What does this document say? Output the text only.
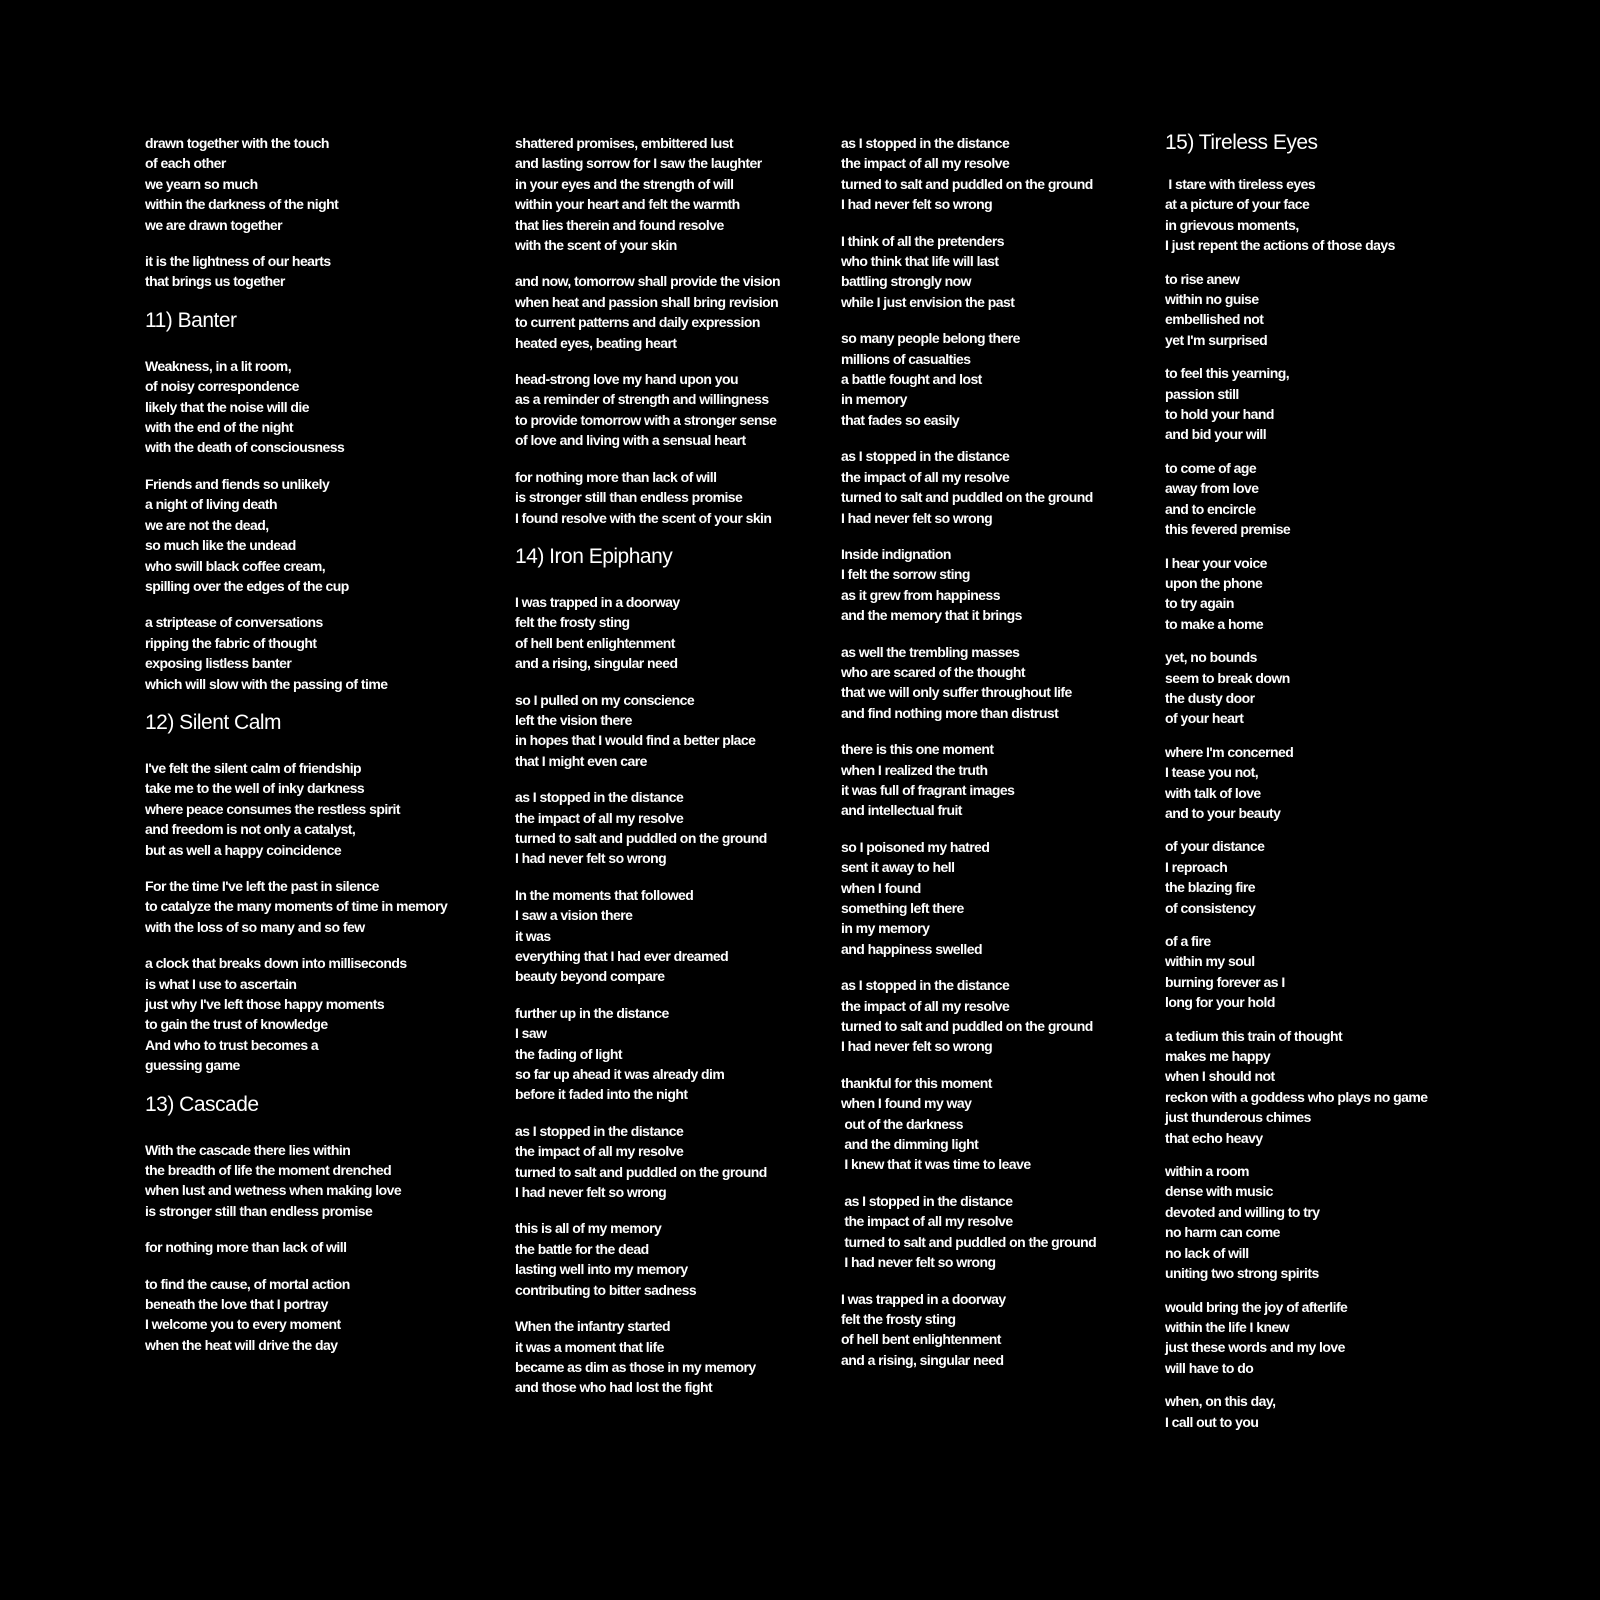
drawn together with the touch
of each other
we yearn so much
within the darkness of the night
we are drawn together
it is the lightness of our hearts
that brings us together
11) Banter
Weakness, in a lit room,
of noisy correspondence
likely that the noise will die
with the end of the night
with the death of consciousness
Friends and fiends so unlikely
a night of living death
we are not the dead,
so much like the undead
who swill black coffee cream,
spilling over the edges of the cup
a striptease of conversations
ripping the fabric of thought
exposing listless banter
which will slow with the passing of time
12) Silent Calm
I've felt the silent calm of friendship
take me to the well of inky darkness
where peace consumes the restless spirit
and freedom is not only a catalyst,
but as well a happy coincidence
For the time I've left the past in silence
to catalyze the many moments of time in memory
with the loss of so many and so few
a clock that breaks down into milliseconds
is what I use to ascertain
just why I've left those happy moments
to gain the trust of knowledge
And who to trust becomes a
guessing game
13) Cascade
With the cascade there lies within
the breadth of life the moment drenched
when lust and wetness when making love
is stronger still than endless promise
for nothing more than lack of will
to find the cause, of mortal action
beneath the love that I portray
I welcome you to every moment
when the heat will drive the day
shattered promises, embittered lust
and lasting sorrow for I saw the laughter
in your eyes and the strength of will
within your heart and felt the warmth
that lies therein and found resolve
with the scent of your skin
and now, tomorrow shall provide the vision
when heat and passion shall bring revision
to current patterns and daily expression
heated eyes, beating heart
head-strong love my hand upon you
as a reminder of strength and willingness
to provide tomorrow with a stronger sense
of love and living with a sensual heart
for nothing more than lack of will
is stronger still than endless promise
I found resolve with the scent of your skin
14) Iron Epiphany
I was trapped in a doorway
felt the frosty sting
of hell bent enlightenment
and a rising, singular need
so I pulled on my conscience
left the vision there
in hopes that I would find a better place
that I might even care
as I stopped in the distance
the impact of all my resolve
turned to salt and puddled on the ground
I had never felt so wrong
In the moments that followed
I saw a vision there
it was
everything that I had ever dreamed
beauty beyond compare
further up in the distance
I saw
the fading of light
so far up ahead it was already dim
before it faded into the night
as I stopped in the distance
the impact of all my resolve
turned to salt and puddled on the ground
I had never felt so wrong
this is all of my memory
the battle for the dead
lasting well into my memory
contributing to bitter sadness
When the infantry started
it was a moment that life
became as dim as those in my memory
and those who had lost the fight
as I stopped in the distance
the impact of all my resolve
turned to salt and puddled on the ground
I had never felt so wrong
I think of all the pretenders
who think that life will last
battling strongly now
while I just envision the past
so many people belong there
millions of casualties
a battle fought and lost
in memory
that fades so easily
as I stopped in the distance
the impact of all my resolve
turned to salt and puddled on the ground
I had never felt so wrong
Inside indignation
I felt the sorrow sting
as it grew from happiness
and the memory that it brings
as well the trembling masses
who are scared of the thought
that we will only suffer throughout life
and find nothing more than distrust
there is this one moment
when I realized the truth
it was full of fragrant images
and intellectual fruit
so I poisoned my hatred
sent it away to hell
when I found
something left there
in my memory
and happiness swelled
as I stopped in the distance
the impact of all my resolve
turned to salt and puddled on the ground
I had never felt so wrong
thankful for this moment
when I found my way
out of the darkness
and the dimming light
I knew that it was time to leave
as I stopped in the distance
the impact of all my resolve
turned to salt and puddled on the ground
I had never felt so wrong
I was trapped in a doorway
felt the frosty sting
of hell bent enlightenment
and a rising, singular need
15) Tireless Eyes
I stare with tireless eyes
at a picture of your face
in grievous moments,
I just repent the actions of those days
to rise anew
within no guise
embellished not
yet I'm surprised
to feel this yearning,
passion still
to hold your hand
and bid your will
to come of age
away from love
and to encircle
this fevered premise
I hear your voice
upon the phone
to try again
to make a home
yet, no bounds
seem to break down
the dusty door
of your heart
where I'm concerned
I tease you not,
with talk of love
and to your beauty
of your distance
I reproach
the blazing fire
of consistency
of a fire
within my soul
burning forever as I
long for your hold
a tedium this train of thought
makes me happy
when I should not
reckon with a goddess who plays no game
just thunderous chimes
that echo heavy
within a room
dense with music
devoted and willing to try
no harm can come
no lack of will
uniting two strong spirits
would bring the joy of afterlife
within the life I knew
just these words and my love
will have to do
when, on this day,
I call out to you
